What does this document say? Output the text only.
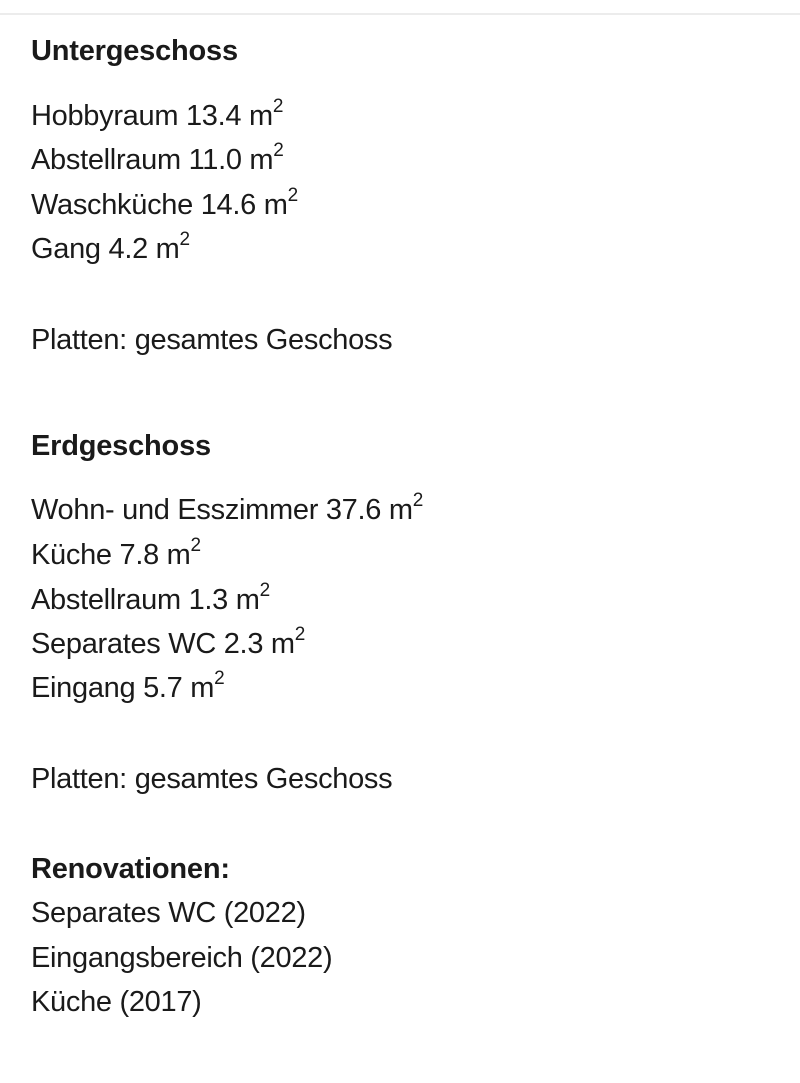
Untergeschoss
Hobbyraum 13.4 $m^2$
Abstellraum 11.0 $m^2$
Waschküche 14.6 $m^2$
Gang 4.2 $m^2$
Platten: gesamtes Geschoss
Erdgeschoss
Wohn- und Esszimmer 37.6 $m^2$
Küche 7.8 $m^2$
Abstellraum 1.3 $m^2$
Separates WC 2.3 $m^2$
Eingang 5.7 $m^2$
Platten: gesamtes Geschoss
Renovationen:
Separates WC (2022)
Eingangsbereich (2022)
Küche (2017)
